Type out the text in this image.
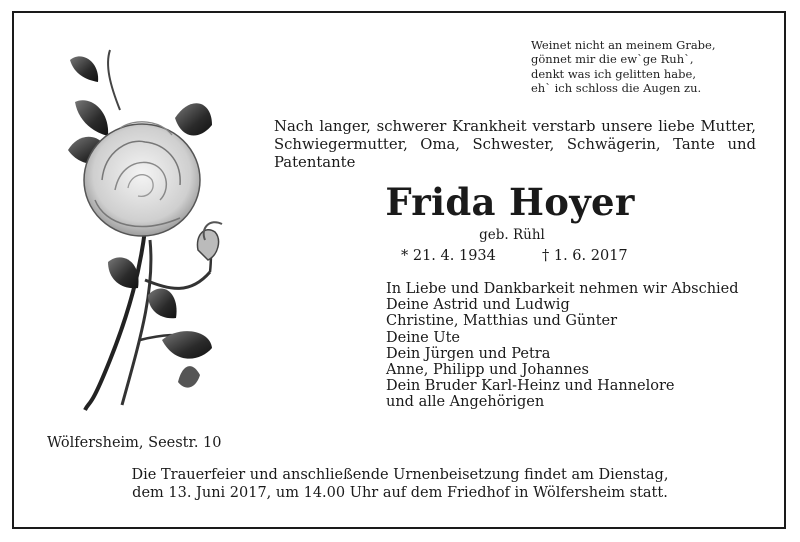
Weinet nicht an meinem Grabe,
gönnet mir die ew`ge Ruh`,
denkt was ich gelitten habe,
eh` ich schloss die Augen zu.
Nach langer, schwerer Krankheit verstarb unsere liebe Mutter, Schwiegermutter, Oma, Schwester, Schwägerin, Tante und Patentante
Frida Hoyer
geb. Rühl
* 21. 4. 1934	† 1. 6. 2017
In Liebe und Dankbarkeit nehmen wir Abschied
Deine Astrid und Ludwig
Christine, Matthias und Günter
Deine Ute
Dein Jürgen und Petra
Anne, Philipp und Johannes
Dein Bruder Karl-Heinz und Hannelore
und alle Angehörigen
Wölfersheim, Seestr. 10
Die Trauerfeier und anschließende Urnenbeisetzung findet am Dienstag,
dem 13. Juni 2017, um 14.00 Uhr auf dem Friedhof in Wölfersheim statt.
